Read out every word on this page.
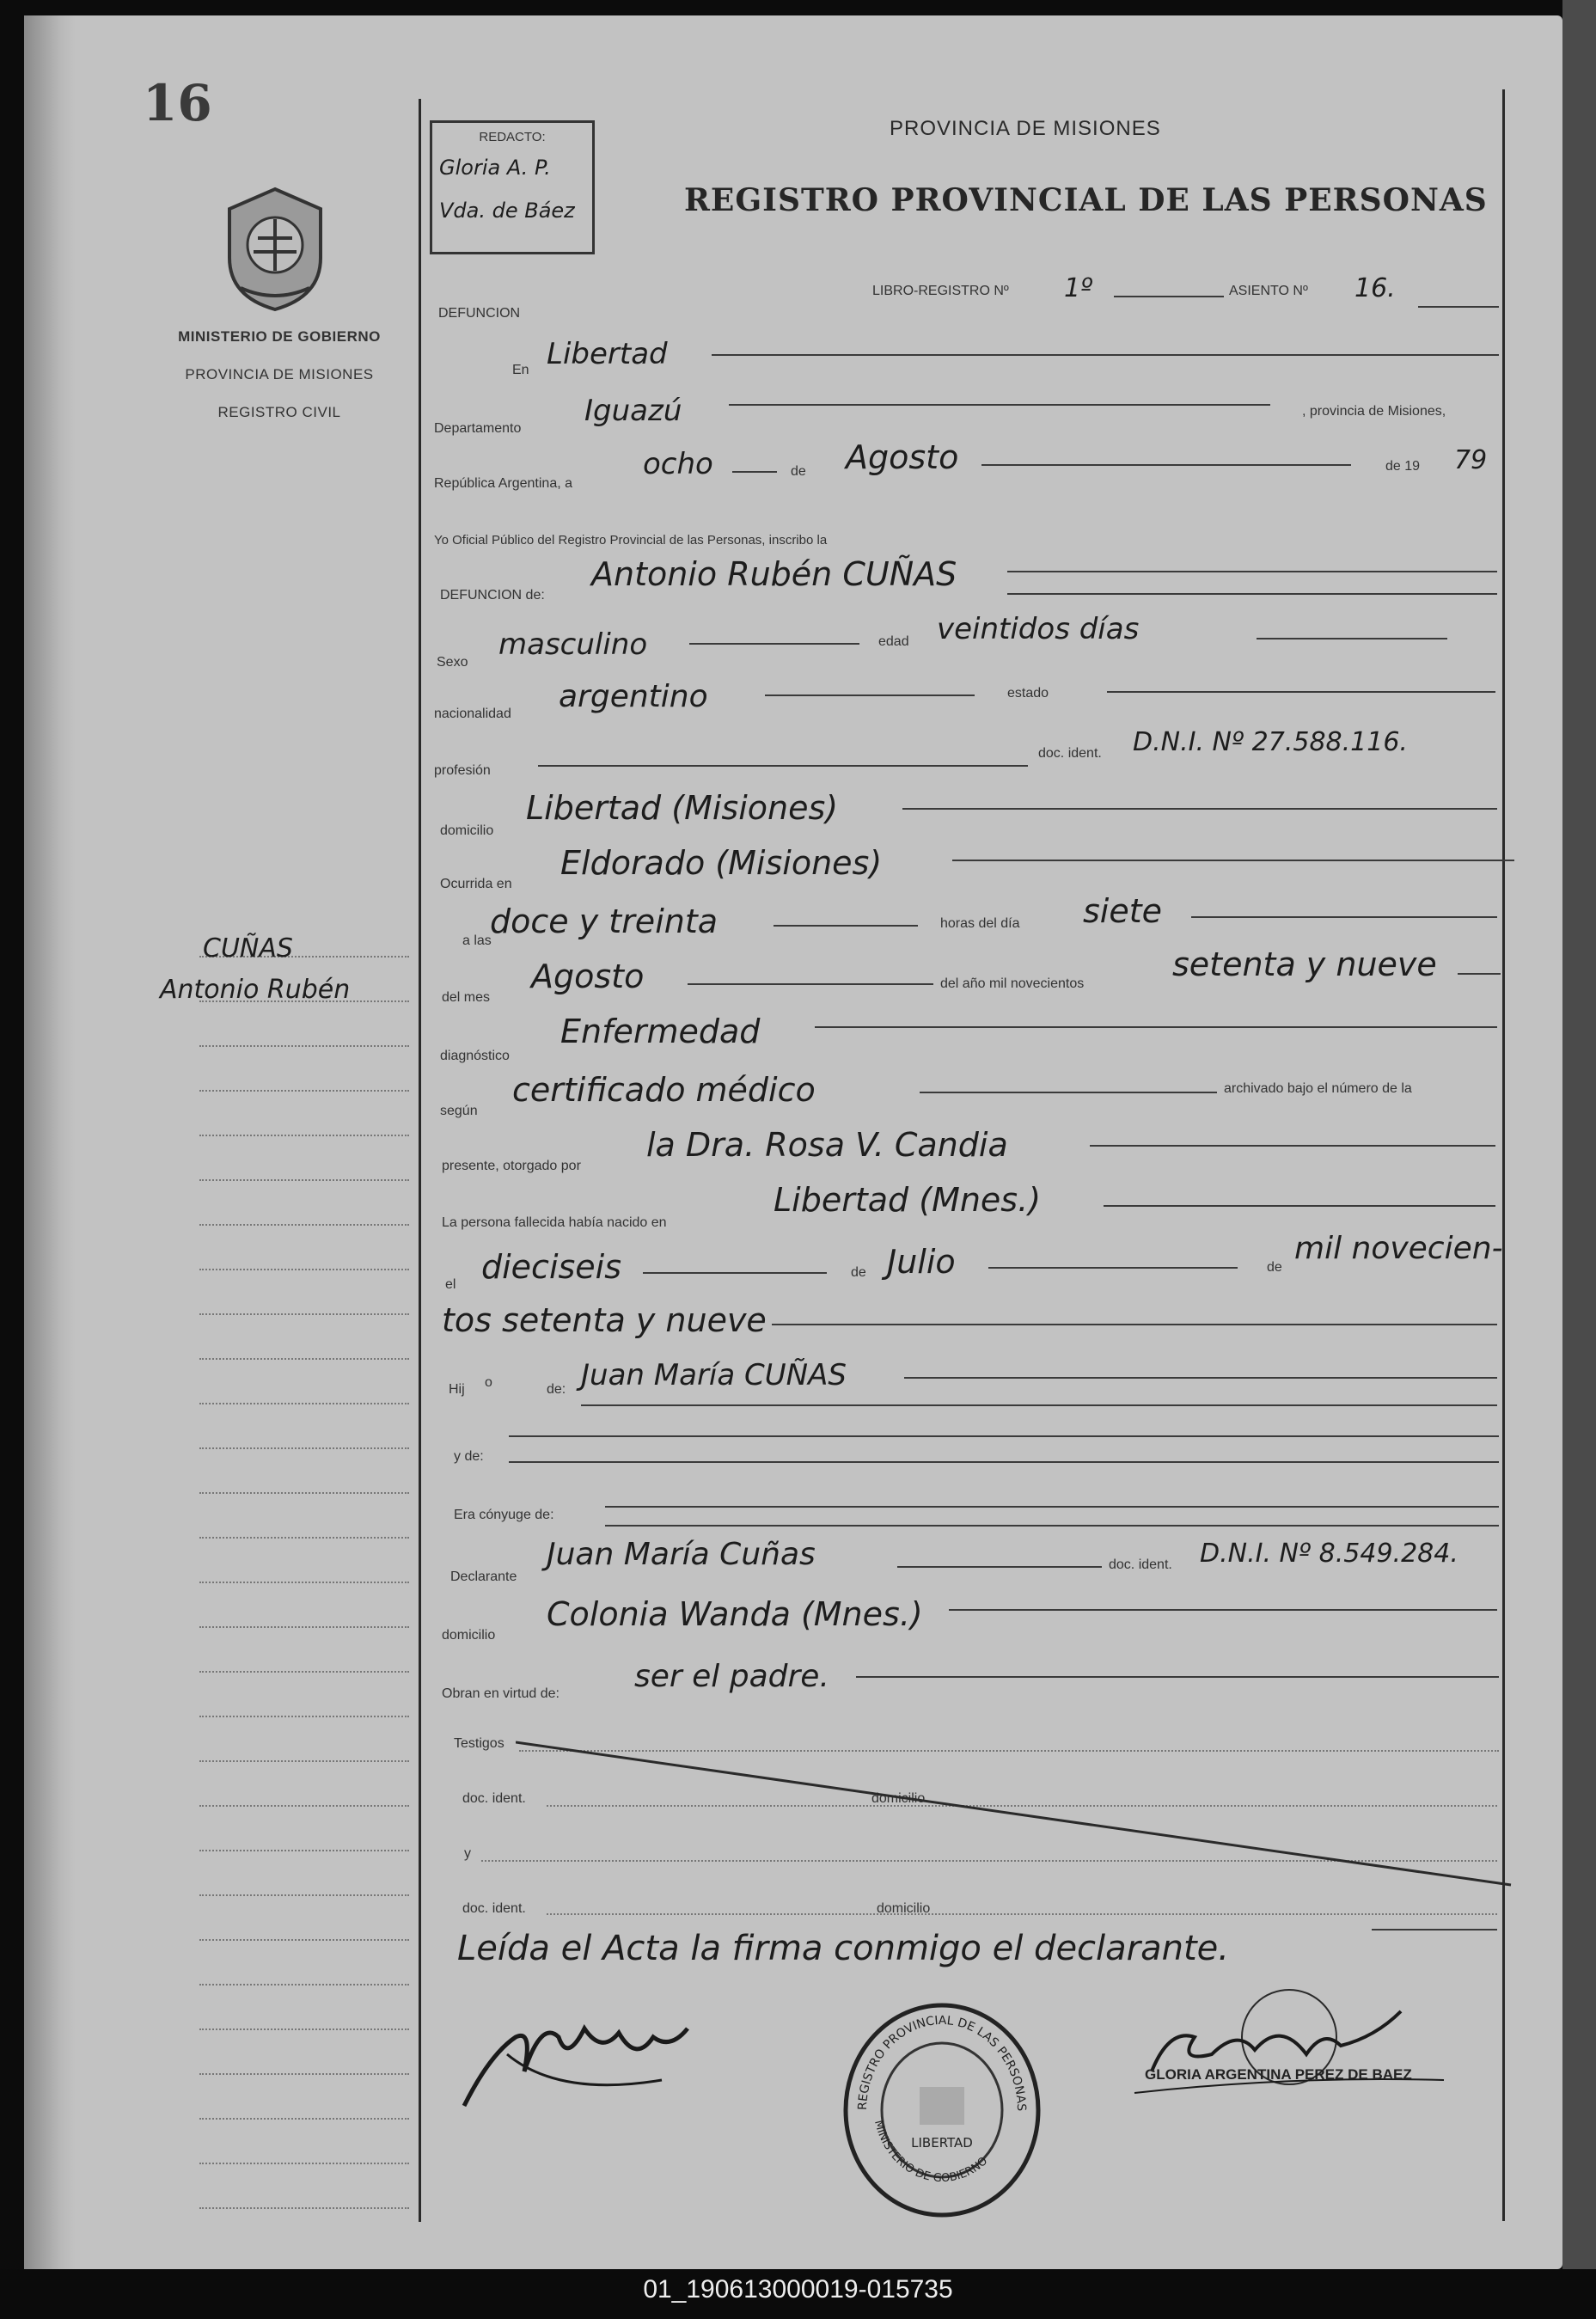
16
MINISTERIO DE GOBIERNO
PROVINCIA DE MISIONES
REGISTRO CIVIL
CUÑAS
Antonio Rubén
REDACTO:
Gloria A. P.
Vda. de Báez
PROVINCIA DE MISIONES
REGISTRO PROVINCIAL DE LAS PERSONAS
LIBRO-REGISTRO Nº 1º	ASIENTO Nº 16.
DEFUNCION
En Libertad
Departamento
Iguazú	, provincia de Misiones,
República Argentina, a
ocho	de Agosto	de 19 79
Yo Oficial Público del Registro Provincial de las Personas, inscribo la
DEFUNCION de:
Antonio Rubén CUÑAS
Sexo
masculino	edad veintidos días
nacionalidad argentino	estado
profesión
doc. ident. D.N.I. Nº 27.588.116.
domicilio
Libertad (Misiones)
Ocurrida en
Eldorado (Misiones)
a las
doce y treinta	horas del día siete
del mes
Agosto	del año mil novecientos
setenta y nueve
diagnóstico
Enfermedad
según
certificado médico	archivado bajo el número de la
presente, otorgado por
la Dra. Rosa V. Candia
La persona fallecida había nacido en
Libertad (Mnes.)
el dieciseis	de Julio	de
mil novecien-
tos setenta y nueve
Hij o	de: Juan María CUÑAS
y de:
Era cónyuge de:
Declarante
Juan María Cuñas	doc. ident. D.N.I. Nº 8.549.284.
domicilio
Colonia Wanda (Mnes.)
Obran en virtud de: ser el padre.
Testigos
doc. ident.	domicilio
y
doc. ident.	domicilio
Leída el Acta la firma conmigo el declarante.
REGISTRO PROVINCIAL DE LAS PERSONAS
MINISTERIO DE GOBIERNO
LIBERTAD
GLORIA ARGENTINA PEREZ DE BAEZ
01_190613000019-015735
